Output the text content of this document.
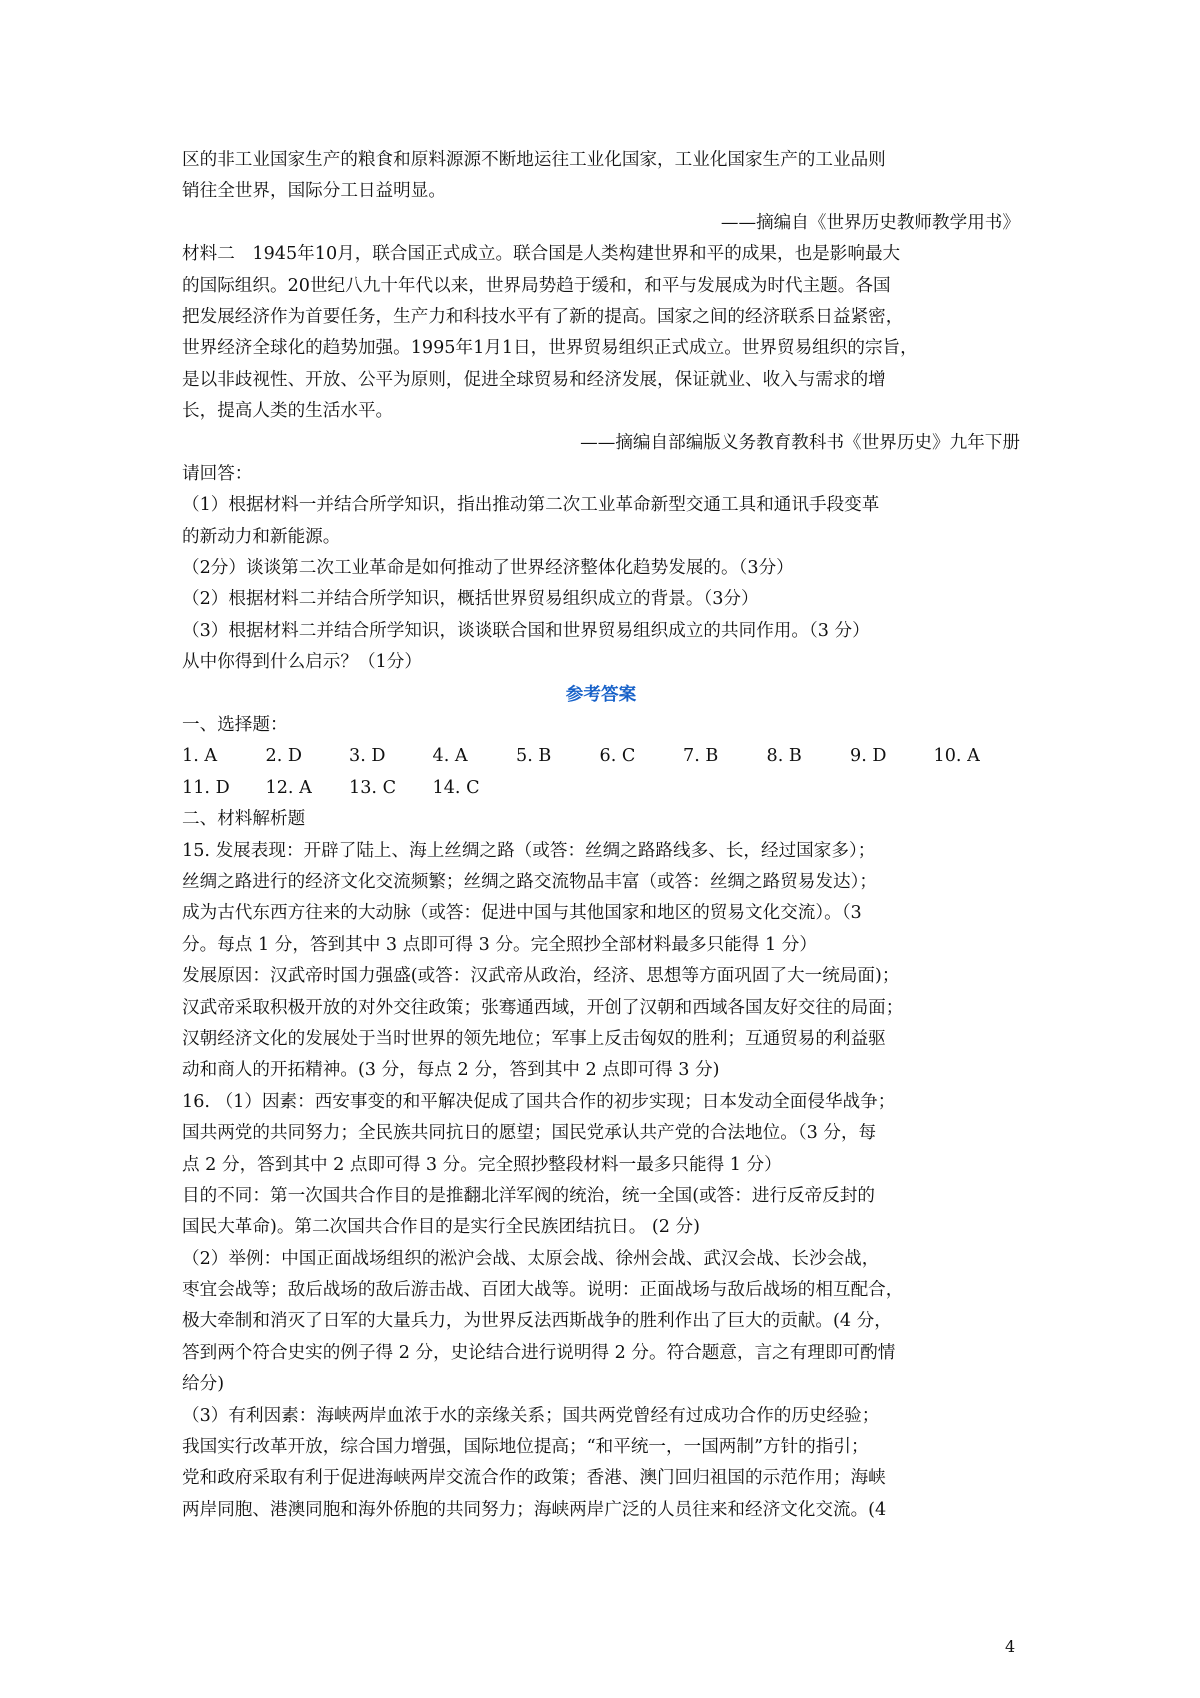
区的非工业国家生产的粮食和原料源源不断地运往工业化国家，工业化国家生产的工业品则
销往全世界，国际分工日益明显。
——摘编自《世界历史教师教学用书》
材料二　1945年10月，联合国正式成立。联合国是人类构建世界和平的成果，也是影响最大
的国际组织。20世纪八九十年代以来，世界局势趋于缓和，和平与发展成为时代主题。各国
把发展经济作为首要任务，生产力和科技水平有了新的提高。国家之间的经济联系日益紧密，
世界经济全球化的趋势加强。1995年1月1日，世界贸易组织正式成立。世界贸易组织的宗旨，
是以非歧视性、开放、公平为原则，促进全球贸易和经济发展，保证就业、收入与需求的增
长，提高人类的生活水平。
——摘编自部编版义务教育教科书《世界历史》九年下册
请回答：
（1）根据材料一并结合所学知识，指出推动第二次工业革命新型交通工具和通讯手段变革
的新动力和新能源。
（2分）谈谈第二次工业革命是如何推动了世界经济整体化趋势发展的。（3分）
（2）根据材料二并结合所学知识，概括世界贸易组织成立的背景。（3分）
（3）根据材料二并结合所学知识，谈谈联合国和世界贸易组织成立的共同作用。（3 分）
从中你得到什么启示？（1分）
参考答案
一、选择题：
1. A	2. D	3. D	4. A	5. B	6. C	7. B	8. B	9. D	10. A
11. D	12. A	13. C	14. C
二、材料解析题
15. 发展表现：开辟了陆上、海上丝绸之路（或答：丝绸之路路线多、长，经过国家多）；
丝绸之路进行的经济文化交流频繁；丝绸之路交流物品丰富（或答：丝绸之路贸易发达）；
成为古代东西方往来的大动脉（或答：促进中国与其他国家和地区的贸易文化交流）。（3
分。每点 1 分，答到其中 3 点即可得 3 分。完全照抄全部材料最多只能得 1 分）
发展原因：汉武帝时国力强盛(或答：汉武帝从政治，经济、思想等方面巩固了大一统局面)；
汉武帝采取积极开放的对外交往政策；张骞通西域，开创了汉朝和西域各国友好交往的局面；
汉朝经济文化的发展处于当时世界的领先地位；军事上反击匈奴的胜利；互通贸易的利益驱
动和商人的开拓精神。(3 分，每点 2 分，答到其中 2 点即可得 3 分)
16. （1）因素：西安事变的和平解决促成了国共合作的初步实现；日本发动全面侵华战争；
国共两党的共同努力；全民族共同抗日的愿望；国民党承认共产党的合法地位。（3 分，每
点 2 分，答到其中 2 点即可得 3 分。完全照抄整段材料一最多只能得 1 分）
目的不同：第一次国共合作目的是推翻北洋军阀的统治，统一全国(或答：进行反帝反封的
国民大革命)。第二次国共合作目的是实行全民族团结抗日。 (2 分)
（2）举例：中国正面战场组织的淞沪会战、太原会战、徐州会战、武汉会战、长沙会战，
枣宜会战等；敌后战场的敌后游击战、百团大战等。说明：正面战场与敌后战场的相互配合，
极大牵制和消灭了日军的大量兵力，为世界反法西斯战争的胜利作出了巨大的贡献。(4 分，
答到两个符合史实的例子得 2 分，史论结合进行说明得 2 分。符合题意，言之有理即可酌情
给分)
（3）有利因素：海峡两岸血浓于水的亲缘关系；国共两党曾经有过成功合作的历史经验；
我国实行改革开放，综合国力增强，国际地位提高；“和平统一，一国两制”方针的指引；
党和政府采取有利于促进海峡两岸交流合作的政策；香港、澳门回归祖国的示范作用；海峡
两岸同胞、港澳同胞和海外侨胞的共同努力；海峡两岸广泛的人员往来和经济文化交流。(4
4
